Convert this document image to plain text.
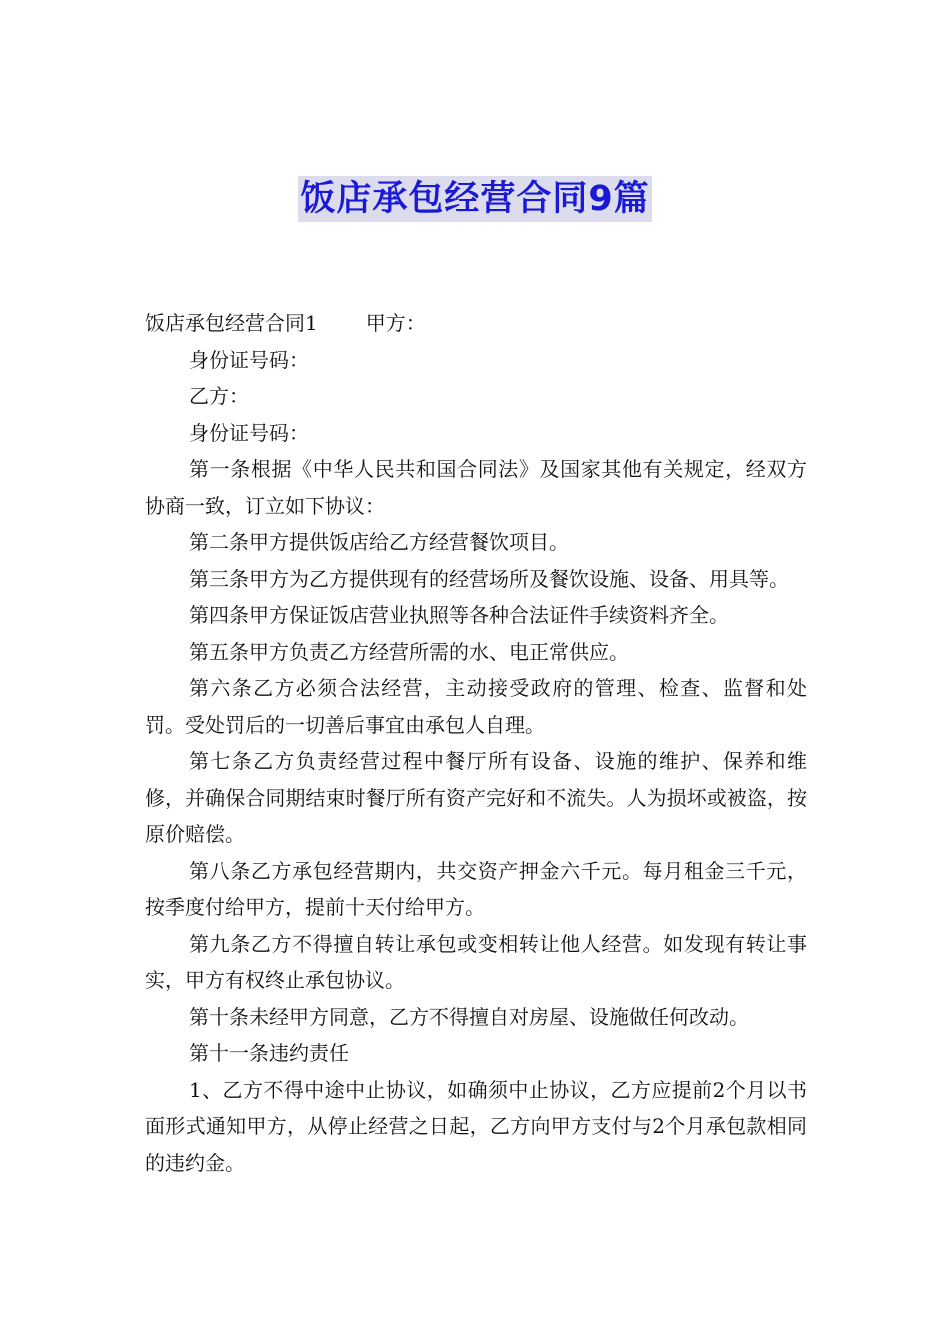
饭店承包经营合同9篇

饭店承包经营合同1 甲方：

身份证号码：

乙方：

身份证号码：

第一条根据《中华人民共和国合同法》及国家其他有关规定，经双方协商一致，订立如下协议：

第二条甲方提供饭店给乙方经营餐饮项目。

第三条甲方为乙方提供现有的经营场所及餐饮设施、设备、用具等。

第四条甲方保证饭店营业执照等各种合法证件手续资料齐全。

第五条甲方负责乙方经营所需的水、电正常供应。

第六条乙方必须合法经营，主动接受政府的管理、检查、监督和处罚。受处罚后的一切善后事宜由承包人自理。

第七条乙方负责经营过程中餐厅所有设备、设施的维护、保养和维修，并确保合同期结束时餐厅所有资产完好和不流失。人为损坏或被盗，按原价赔偿。

第八条乙方承包经营期内，共交资产押金六千元。每月租金三千元，按季度付给甲方，提前十天付给甲方。

第九条乙方不得擅自转让承包或变相转让他人经营。如发现有转让事实，甲方有权终止承包协议。

第十条未经甲方同意，乙方不得擅自对房屋、设施做任何改动。

第十一条违约责任

1、乙方不得中途中止协议，如确须中止协议，乙方应提前2个月以书面形式通知甲方，从停止经营之日起，乙方向甲方支付与2个月承包款相同的违约金。
